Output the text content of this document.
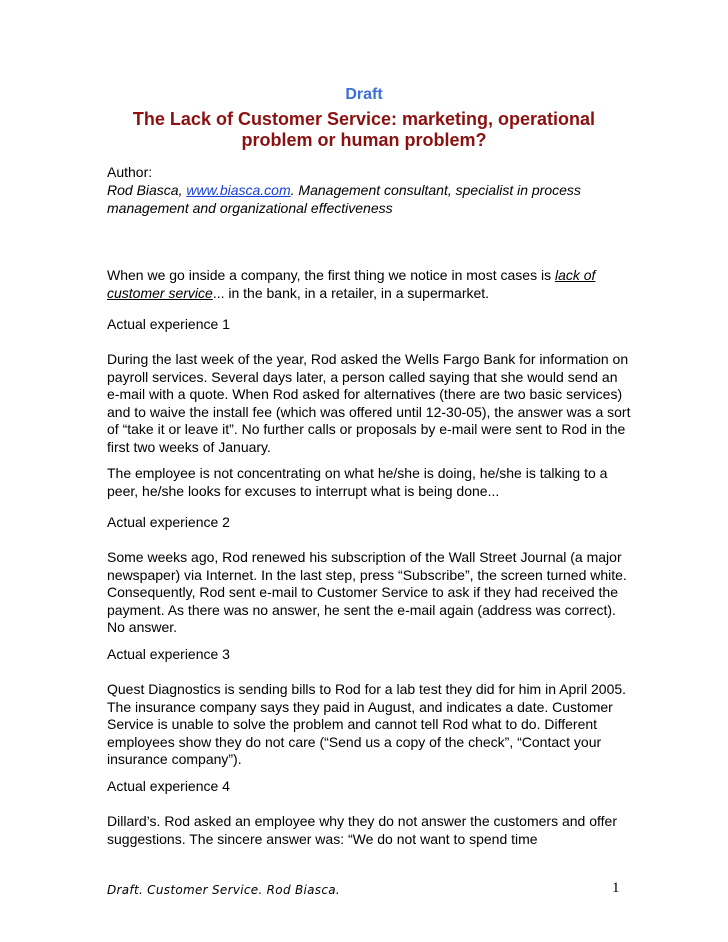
Draft
The Lack of Customer Service: marketing, operational problem or human problem?

Author:

Rod Biasca, www.biasca.com. Management consultant, specialist in process management and organizational effectiveness

When we go inside a company, the first thing we notice in most cases is lack of customer service... in the bank, in a retailer, in a supermarket.

Actual experience 1

During the last week of the year, Rod asked the Wells Fargo Bank for information on payroll services. Several days later, a person called saying that she would send an e-mail with a quote. When Rod asked for alternatives (there are two basic services) and to waive the install fee (which was offered until 12-30-05), the answer was a sort of “take it or leave it”. No further calls or proposals by e-mail were sent to Rod in the first two weeks of January.

The employee is not concentrating on what he/she is doing, he/she is talking to a peer, he/she looks for excuses to interrupt what is being done...

Actual experience 2

Some weeks ago, Rod renewed his subscription of the Wall Street Journal (a major newspaper) via Internet. In the last step, press “Subscribe”, the screen turned white. Consequently, Rod sent e-mail to Customer Service to ask if they had received the payment. As there was no answer, he sent the e-mail again (address was correct). No answer.

Actual experience 3

Quest Diagnostics is sending bills to Rod for a lab test they did for him in April 2005. The insurance company says they paid in August, and indicates a date. Customer Service is unable to solve the problem and cannot tell Rod what to do. Different employees show they do not care (“Send us a copy of the check”, “Contact your insurance company”).

Actual experience 4

Dillard’s. Rod asked an employee why they do not answer the customers and offer suggestions. The sincere answer was: “We do not want to spend time

Draft. Customer Service. Rod Biasca.	1
